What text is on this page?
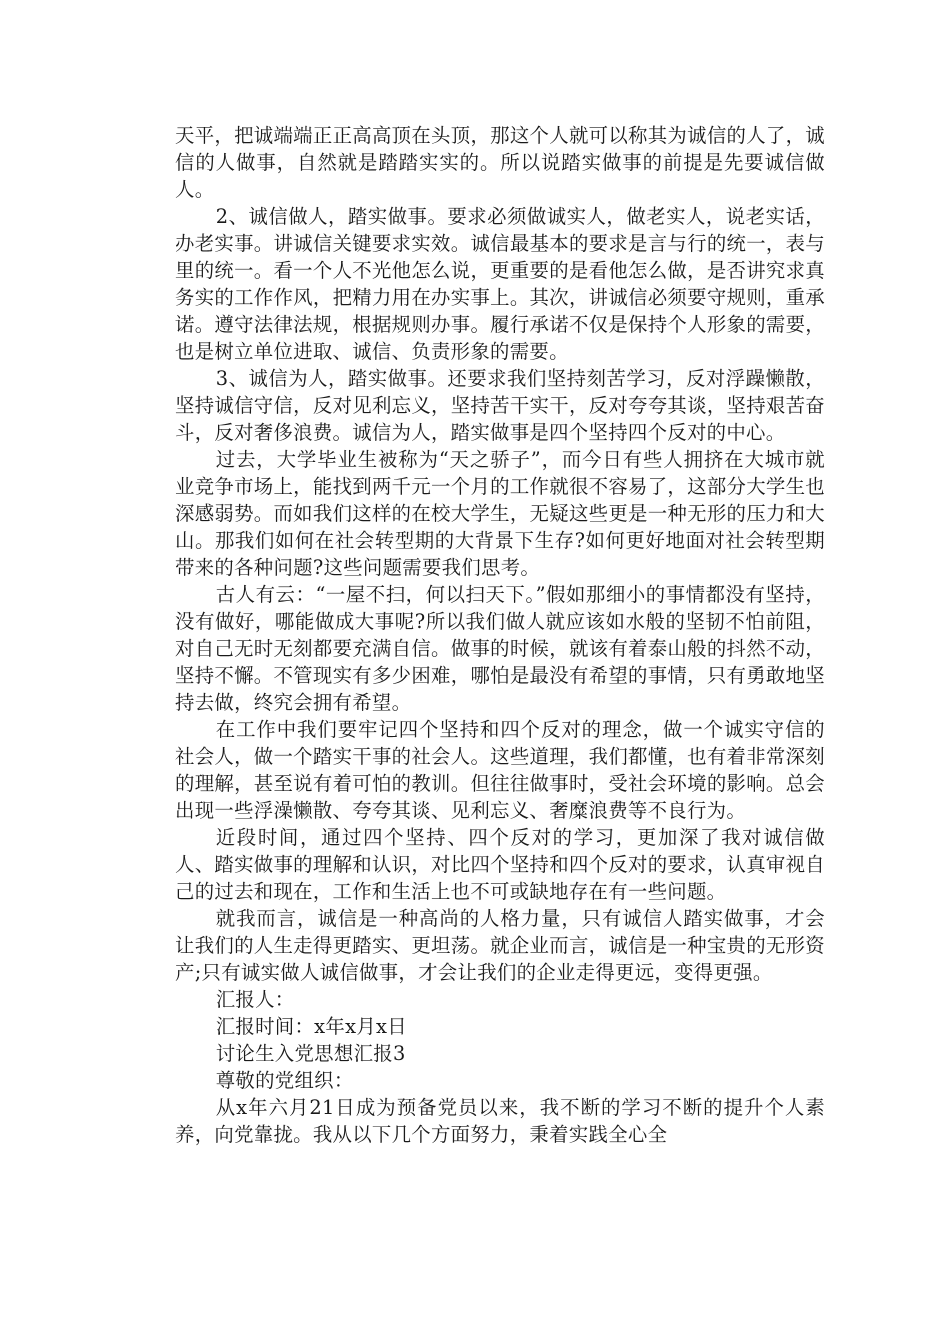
天平，把诚端端正正高高顶在头顶，那这个人就可以称其为诚信的人了，诚信的人做事，自然就是踏踏实实的。所以说踏实做事的前提是先要诚信做人。

2、诚信做人，踏实做事。要求必须做诚实人，做老实人，说老实话，办老实事。讲诚信关键要求实效。诚信最基本的要求是言与行的统一，表与里的统一。看一个人不光他怎么说，更重要的是看他怎么做，是否讲究求真务实的工作作风，把精力用在办实事上。其次，讲诚信必须要守规则，重承诺。遵守法律法规，根据规则办事。履行承诺不仅是保持个人形象的需要，也是树立单位进取、诚信、负责形象的需要。

3、诚信为人，踏实做事。还要求我们坚持刻苦学习，反对浮躁懒散，坚持诚信守信，反对见利忘义，坚持苦干实干，反对夸夸其谈，坚持艰苦奋斗，反对奢侈浪费。诚信为人，踏实做事是四个坚持四个反对的中心。

过去，大学毕业生被称为“天之骄子”，而今日有些人拥挤在大城市就业竞争市场上，能找到两千元一个月的工作就很不容易了，这部分大学生也深感弱势。而如我们这样的在校大学生，无疑这些更是一种无形的压力和大山。那我们如何在社会转型期的大背景下生存?如何更好地面对社会转型期带来的各种问题?这些问题需要我们思考。

古人有云：“一屋不扫，何以扫天下。”假如那细小的事情都没有坚持，没有做好，哪能做成大事呢?所以我们做人就应该如水般的坚韧不怕前阻，对自己无时无刻都要充满自信。做事的时候，就该有着泰山般的抖然不动，坚持不懈。不管现实有多少困难，哪怕是最没有希望的事情，只有勇敢地坚持去做，终究会拥有希望。

在工作中我们要牢记四个坚持和四个反对的理念，做一个诚实守信的社会人，做一个踏实干事的社会人。这些道理，我们都懂，也有着非常深刻的理解，甚至说有着可怕的教训。但往往做事时，受社会环境的影响。总会出现一些浮澡懒散、夸夸其谈、见利忘义、奢糜浪费等不良行为。

近段时间，通过四个坚持、四个反对的学习，更加深了我对诚信做人、踏实做事的理解和认识，对比四个坚持和四个反对的要求，认真审视自己的过去和现在，工作和生活上也不可或缺地存在有一些问题。

就我而言，诚信是一种高尚的人格力量，只有诚信人踏实做事，才会让我们的人生走得更踏实、更坦荡。就企业而言，诚信是一种宝贵的无形资产;只有诚实做人诚信做事，才会让我们的企业走得更远，变得更强。

汇报人：

汇报时间：x年x月x日

讨论生入党思想汇报3

尊敬的党组织：

从x年六月21日成为预备党员以来，我不断的学习不断的提升个人素养，向党靠拢。我从以下几个方面努力，秉着实践全心全
